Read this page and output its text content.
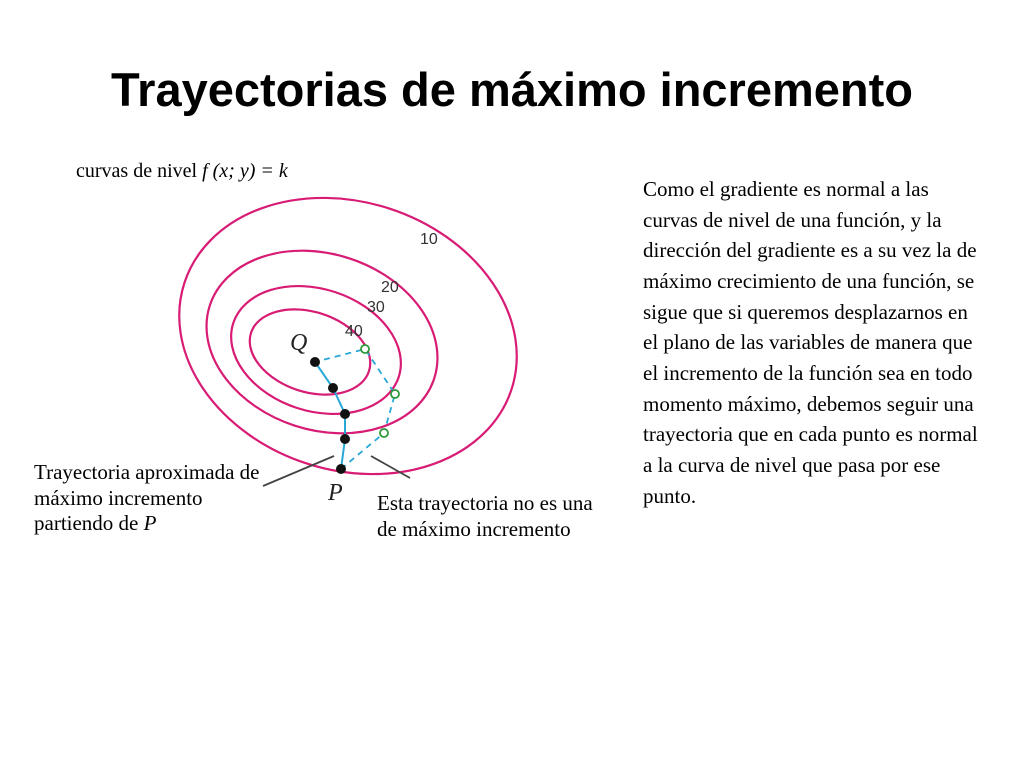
Trayectorias de máximo incremento
curvas de nivel f (x; y) = k
10
20
30
40
Q
P
Trayectoria aproximada de máximo incremento partiendo de P
Esta trayectoria no es una de máximo incremento
Como el gradiente es normal a las curvas de nivel de una función, y la dirección del gradiente es a su vez la de máximo crecimiento de una función, se sigue que si queremos desplazarnos en el plano de las variables de manera que el incremento de la función sea en todo momento máximo, debemos seguir una trayectoria que en cada punto es normal a la curva de nivel que pasa por ese punto.
